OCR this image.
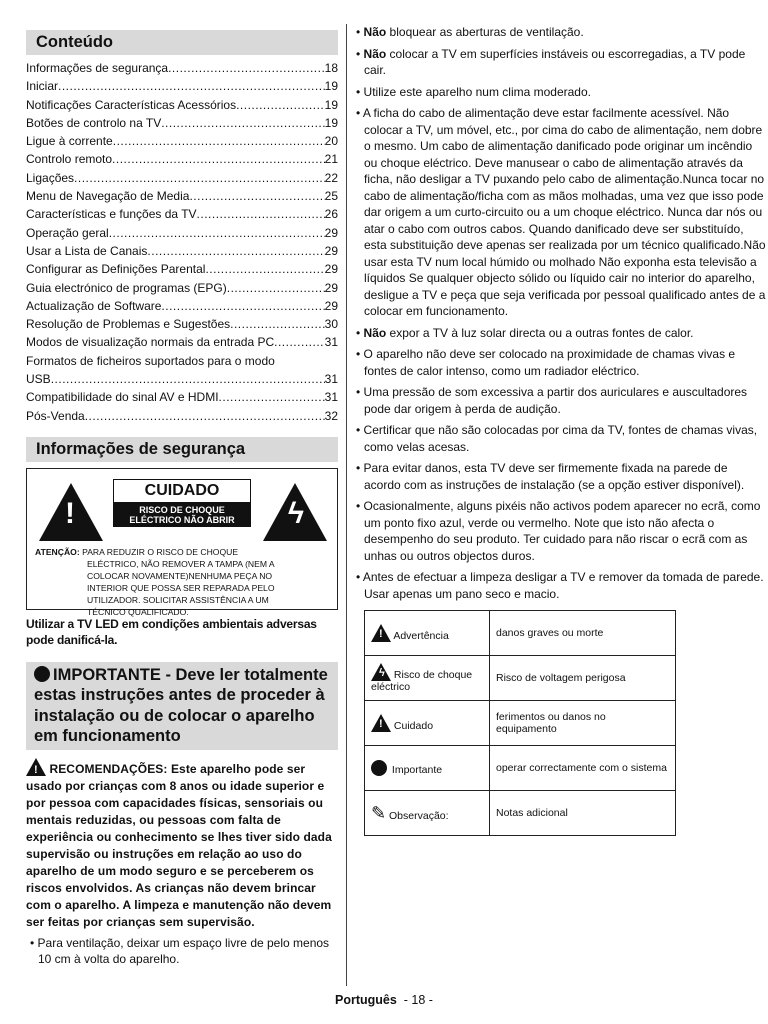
Conteúdo
Informações de segurança .....	18
Iniciar .....	19
Notificações Características Acessórios .....	19
Botões de controlo na TV .....	19
Ligue à corrente .....	20
Controlo remoto .....	21
Ligações .....	22
Menu de Navegação de Media .....	25
Características e funções da TV .....	26
Operação geral .....	29
Usar a Lista de Canais .....	29
Configurar as Definições Parental .....	29
Guia electrónico de programas (EPG) .....	29
Actualização de Software .....	29
Resolução de Problemas e Sugestões .....	30
Modos de visualização normais da entrada PC .....	31
Formatos de ficheiros suportados para o modo
USB .....	31
Compatibilidade do sinal AV e HDMI .....	31
Pós-Venda .....	32
Informações de segurança
!
CUIDADO
RISCO DE CHOQUE
ELÉCTRICO NÃO ABRIR	ϟ
ATENÇÃO: PARA REDUZIR O RISCO DE CHOQUE
ELÉCTRICO, NÃO REMOVER A TAMPA (NEM A
COLOCAR NOVAMENTE)NENHUMA PEÇA NO
INTERIOR QUE POSSA SER REPARADA PELO
UTILIZADOR. SOLICITAR ASSISTÊNCIA A UM
TÉCNICO QUALIFICADO.
Utilizar a TV LED em condições ambientais adversas pode danificá-la.
IMPORTANTE - Deve ler totalmente estas instruções antes de proceder à instalação ou de colocar o aparelho em funcionamento
! RECOMENDAÇÕES: Este aparelho pode ser usado por crianças com 8 anos ou idade superior e por pessoa com capacidades físicas, sensoriais ou mentais reduzidas, ou pessoas com falta de experiência ou conhecimento se lhes tiver sido dada supervisão ou instruções em relação ao uso do aparelho de um modo seguro e se perceberem os riscos envolvidos. As crianças não devem brincar com o aparelho. A limpeza e manutenção não devem ser feitas por crianças sem supervisão.
• Para ventilação, deixar um espaço livre de pelo menos 10 cm à volta do aparelho.
• Não bloquear as aberturas de ventilação.
• Não colocar a TV em superfícies instáveis ou escorregadias, a TV pode cair.
• Utilize este aparelho num clima moderado.
• A ficha do cabo de alimentação deve estar facilmente acessível. Não colocar a TV, um móvel, etc., por cima do cabo de alimentação, nem dobre o mesmo. Um cabo de alimentação danificado pode originar um incêndio ou choque eléctrico. Deve manusear o cabo de alimentação através da ficha, não desligar a TV puxando pelo cabo de alimentação.Nunca tocar no cabo de alimentação/ficha com as mãos molhadas, uma vez que isso pode dar origem a um curto-circuito ou a um choque eléctrico. Nunca dar nós ou atar o cabo com outros cabos. Quando danificado deve ser substituído, esta substituição deve apenas ser realizada por um técnico qualificado.Não usar esta TV num local húmido ou molhado Não exponha esta televisão a líquidos Se qualquer objecto sólido ou líquido cair no interior do aparelho, desligue a TV e peça que seja verificada por pessoal qualificado antes de a colocar em funcionamento.
• Não expor a TV à luz solar directa ou a outras fontes de calor.
• O aparelho não deve ser colocado na proximidade de chamas vivas e fontes de calor intenso, como um radiador eléctrico.
• Uma pressão de som excessiva a partir dos auriculares e auscultadores pode dar origem à perda de audição.
• Certificar que não são colocadas por cima da TV, fontes de chamas vivas, como velas acesas.
• Para evitar danos, esta TV deve ser firmemente fixada na parede de acordo com as instruções de instalação (se a opção estiver disponível).
• Ocasionalmente, alguns pixéis não activos podem aparecer no ecrã, como um ponto fixo azul, verde ou vermelho. Note que isto não afecta o desempenho do seu produto. Ter cuidado para não riscar o ecrã com as unhas ou outros objectos duros.
• Antes de efectuar a limpeza desligar a TV e remover da tomada de parede. Usar apenas um pano seco e macio.
! Advertência	danos graves ou morte

ϟ Risco de choque eléctrico	Risco de voltagem perigosa

! Cuidado	ferimentos ou danos no equipamento
Importante	operar correctamente com o sistema
✎ Observação:	Notas adicional
Português - 18 -
